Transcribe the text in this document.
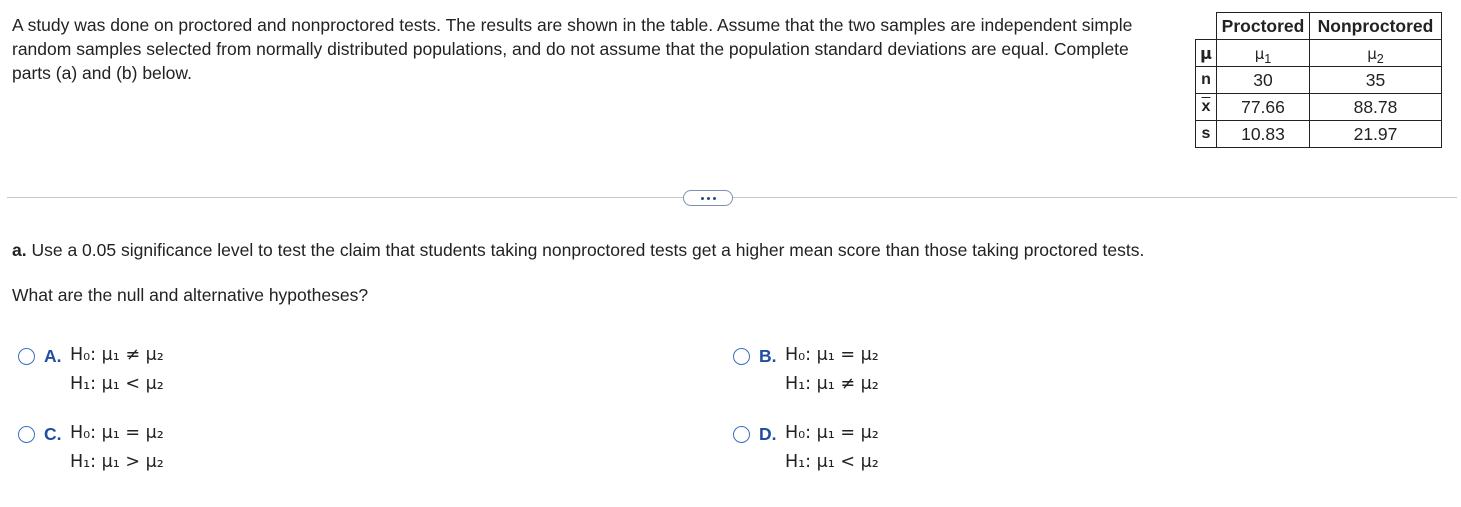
A study was done on proctored and nonproctored tests. The results are shown in the table. Assume that the two samples are independent simple random samples selected from normally distributed populations, and do not assume that the population standard deviations are equal. Complete parts (a) and (b) below.

	Proctored	Nonproctored
μ	$\mu_1$	$\mu_2$
n	30	35
$\overline{x}$	77.66	88.78
s	10.83	21.97

a. Use a 0.05 significance level to test the claim that students taking nonproctored tests get a higher mean score than those taking proctored tests.

What are the null and alternative hypotheses?

A. H₀: μ₁ ≠ μ₂
H₁: μ₁ < μ₂
B. H₀: μ₁ = μ₂
H₁: μ₁ ≠ μ₂
C. H₀: μ₁ = μ₂
H₁: μ₁ > μ₂
D. H₀: μ₁ = μ₂
H₁: μ₁ < μ₂
